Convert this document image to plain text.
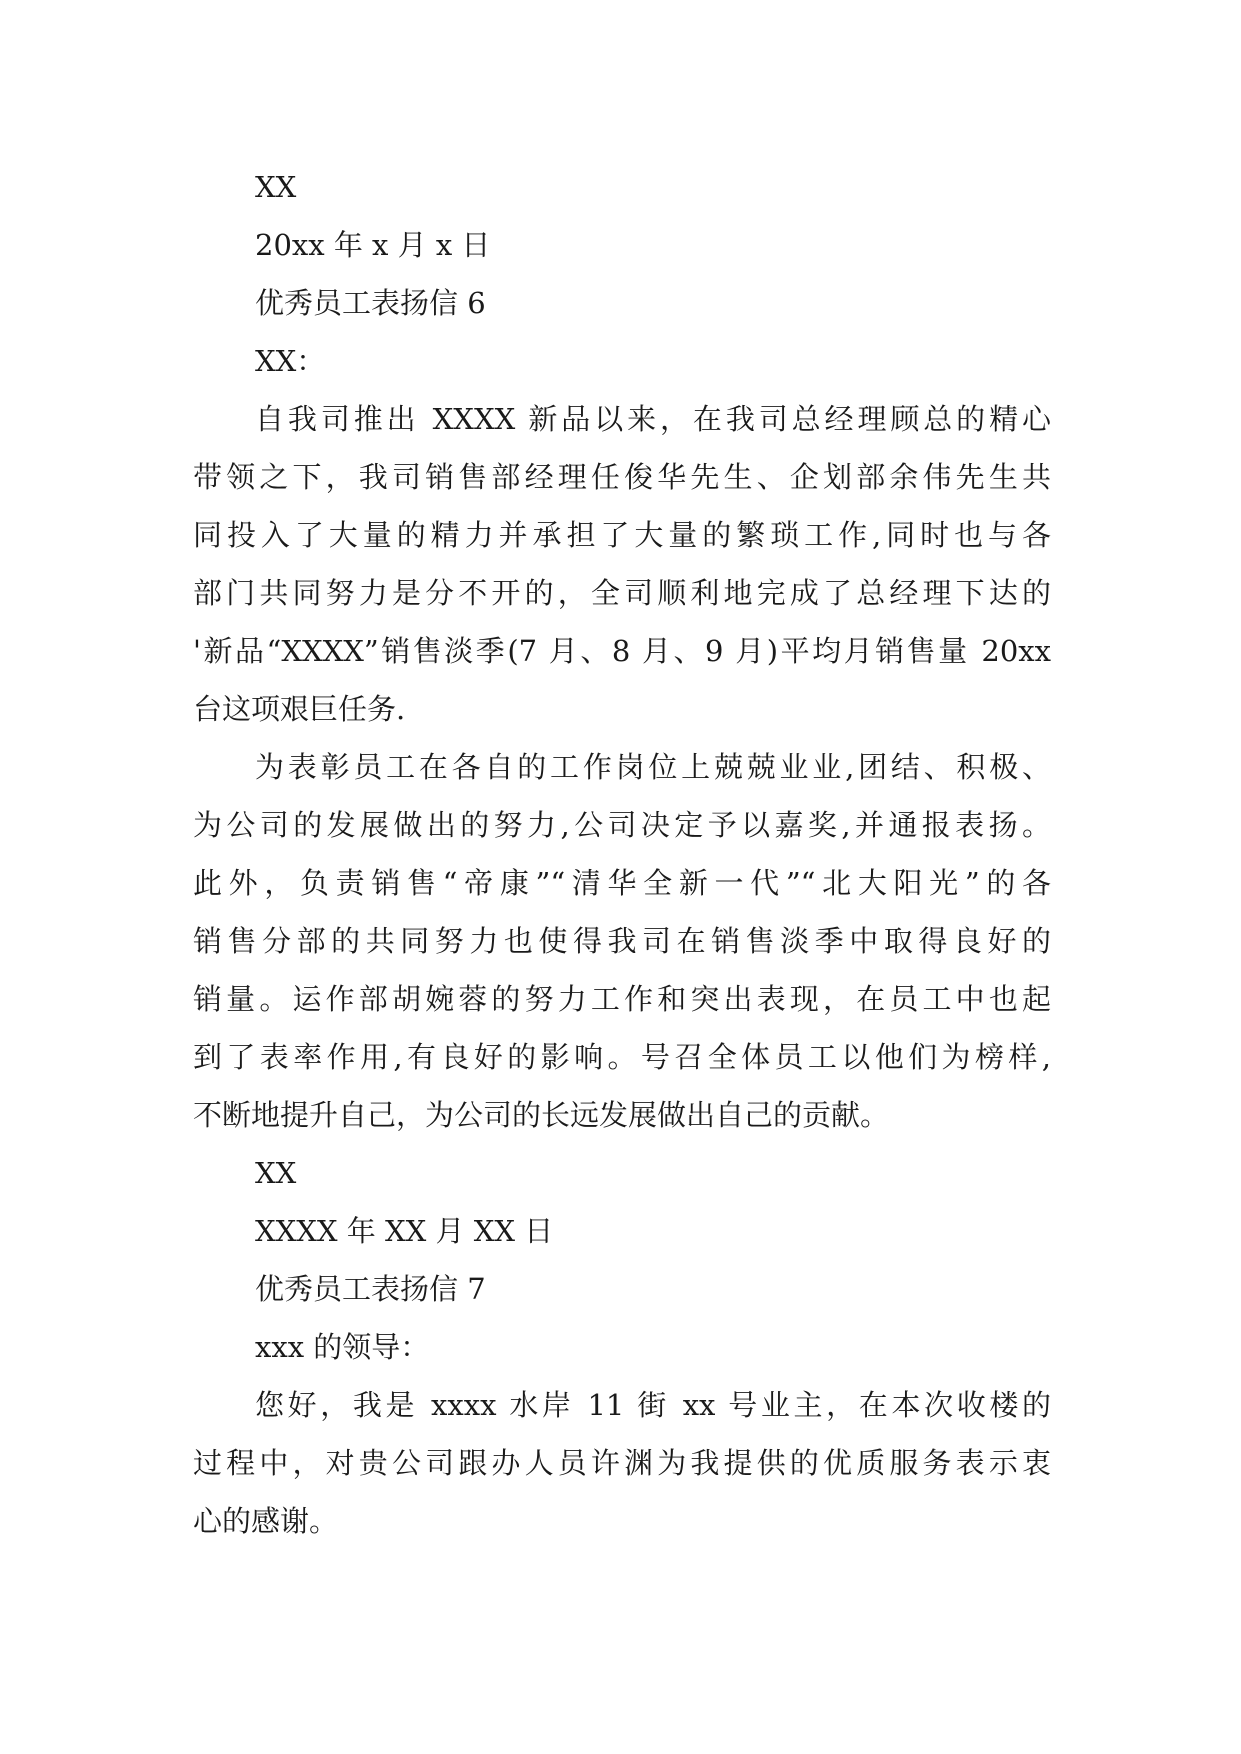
XX
20xx 年 x 月 x 日
优秀员工表扬信 6
XX：
自我司推出 XXXX 新品以来，在我司总经理顾总的精心
带领之下，我司销售部经理任俊华先生、企划部余伟先生共
同投入了大量的精力并承担了大量的繁琐工作,同时也与各
部门共同努力是分不开的，全司顺利地完成了总经理下达的
'新品“XXXX”销售淡季(7 月、8 月、9 月)平均月销售量 20xx
台这项艰巨任务.
为表彰员工在各自的工作岗位上兢兢业业,团结、积极、
为公司的发展做出的努力,公司决定予以嘉奖,并通报表扬。
此外，负责销售“帝康”“清华全新一代”“北大阳光”的各
销售分部的共同努力也使得我司在销售淡季中取得良好的
销量。运作部胡婉蓉的努力工作和突出表现，在员工中也起
到了表率作用,有良好的影响。号召全体员工以他们为榜样,
不断地提升自己，为公司的长远发展做出自己的贡献。
XX
XXXX 年 XX 月 XX 日
优秀员工表扬信 7
xxx 的领导：
您好，我是 xxxx 水岸 11 街 xx 号业主，在本次收楼的
过程中，对贵公司跟办人员许渊为我提供的优质服务表示衷
心的感谢。
